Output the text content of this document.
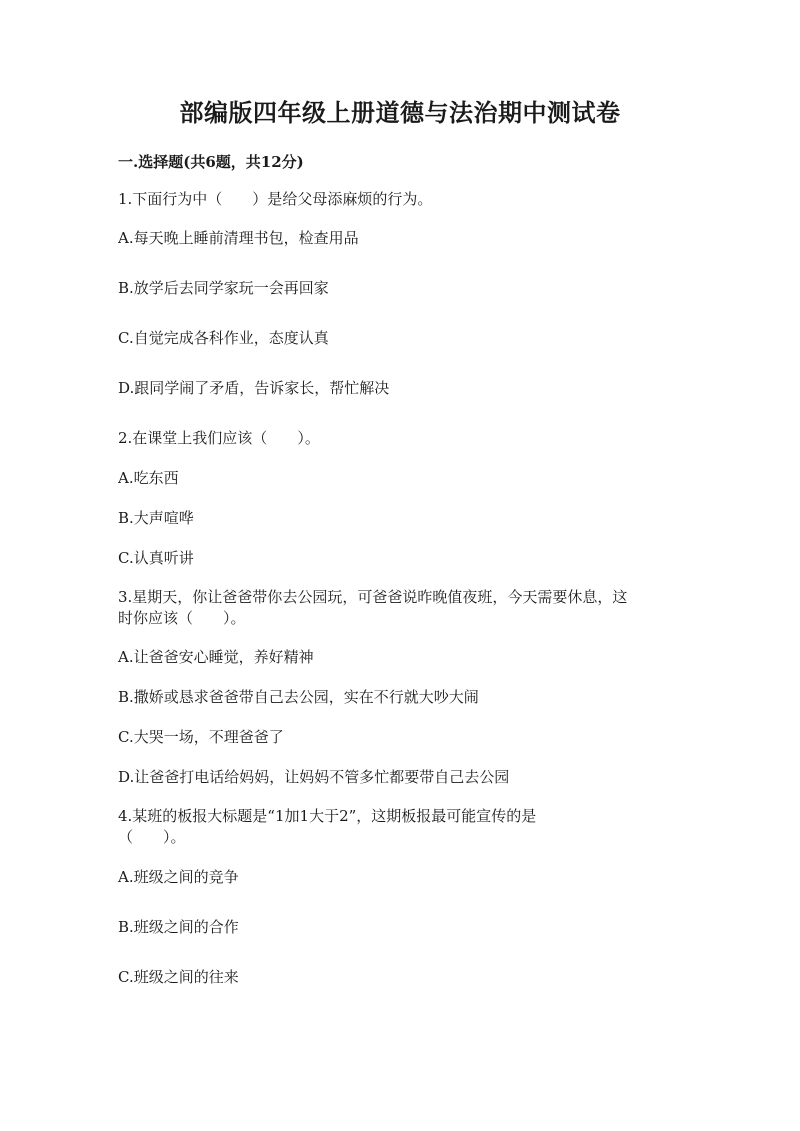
部编版四年级上册道德与法治期中测试卷
一.选择题(共6题，共12分)
1.下面行为中（　　）是给父母添麻烦的行为。
A.每天晚上睡前清理书包，检查用品
B.放学后去同学家玩一会再回家
C.自觉完成各科作业，态度认真
D.跟同学闹了矛盾，告诉家长，帮忙解决
2.在课堂上我们应该（　　）。
A.吃东西
B.大声喧哗
C.认真听讲
3.星期天，你让爸爸带你去公园玩，可爸爸说昨晚值夜班，今天需要休息，这
时你应该（　　）。
A.让爸爸安心睡觉，养好精神
B.撒娇或恳求爸爸带自己去公园，实在不行就大吵大闹
C.大哭一场，不理爸爸了
D.让爸爸打电话给妈妈，让妈妈不管多忙都要带自己去公园
4.某班的板报大标题是“1加1大于2”，这期板报最可能宣传的是
（　　）。
A.班级之间的竞争
B.班级之间的合作
C.班级之间的往来
